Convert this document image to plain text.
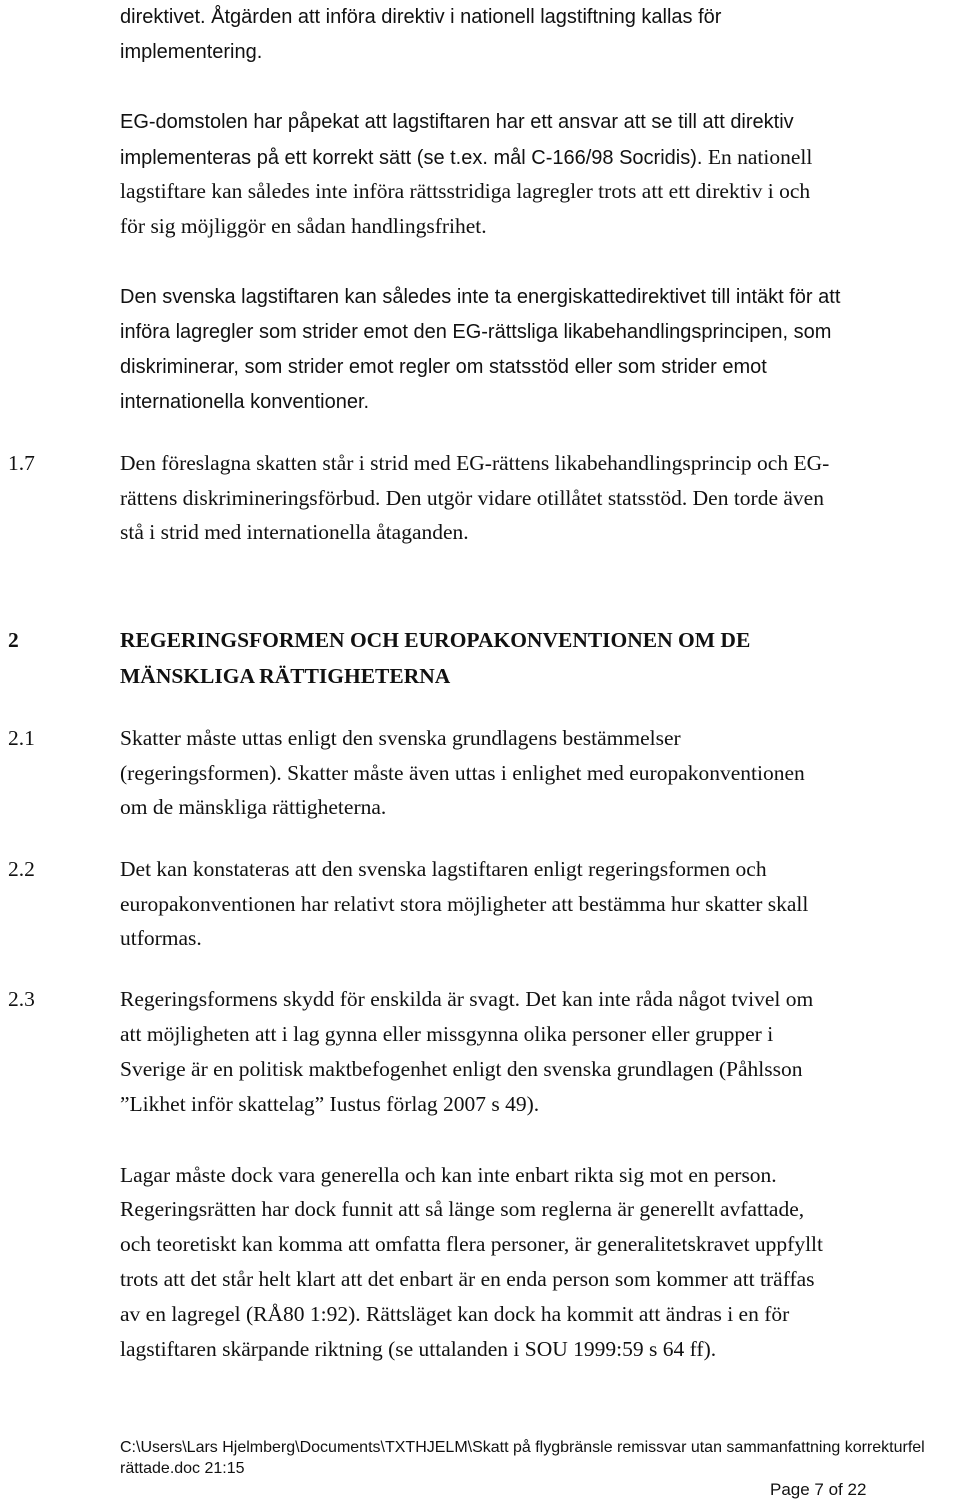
direktivet. Åtgärden att införa direktiv i nationell lagstiftning kallas för
implementering.
EG-domstolen har påpekat att lagstiftaren har ett ansvar att se till att direktiv
implementeras på ett korrekt sätt (se t.ex. mål C-166/98 Socridis). En nationell
lagstiftare kan således inte införa rättsstridiga lagregler trots att ett direktiv i och
för sig möjliggör en sådan handlingsfrihet.
Den svenska lagstiftaren kan således inte ta energiskattedirektivet till intäkt för att
införa lagregler som strider emot den EG-rättsliga likabehandlingsprincipen, som
diskriminerar, som strider emot regler om statsstöd eller som strider emot
internationella konventioner.
1.7	Den föreslagna skatten står i strid med EG-rättens likabehandlingsprincip och EG-
rättens diskrimineringsförbud. Den utgör vidare otillåtet statsstöd. Den torde även
stå i strid med internationella åtaganden.
2	REGERINGSFORMEN OCH EUROPAKONVENTIONEN OM DE
MÄNSKLIGA RÄTTIGHETERNA
2.1	Skatter måste uttas enligt den svenska grundlagens bestämmelser
(regeringsformen). Skatter måste även uttas i enlighet med europakonventionen
om de mänskliga rättigheterna.
2.2	Det kan konstateras att den svenska lagstiftaren enligt regeringsformen och
europakonventionen har relativt stora möjligheter att bestämma hur skatter skall
utformas.
2.3	Regeringsformens skydd för enskilda är svagt. Det kan inte råda något tvivel om
att möjligheten att i lag gynna eller missgynna olika personer eller grupper i
Sverige är en politisk maktbefogenhet enligt den svenska grundlagen (Påhlsson
”Likhet inför skattelag” Iustus förlag 2007 s 49).
Lagar måste dock vara generella och kan inte enbart rikta sig mot en person.
Regeringsrätten har dock funnit att så länge som reglerna är generellt avfattade,
och teoretiskt kan komma att omfatta flera personer, är generalitetskravet uppfyllt
trots att det står helt klart att det enbart är en enda person som kommer att träffas
av en lagregel (RÅ80 1:92). Rättsläget kan dock ha kommit att ändras i en för
lagstiftaren skärpande riktning (se uttalanden i SOU 1999:59 s 64 ff).
C:\Users\Lars Hjelmberg\Documents\TXTHJELM\Skatt på flygbränsle remissvar utan sammanfattning korrekturfel
rättade.doc 21:15
Page 7 of 22
